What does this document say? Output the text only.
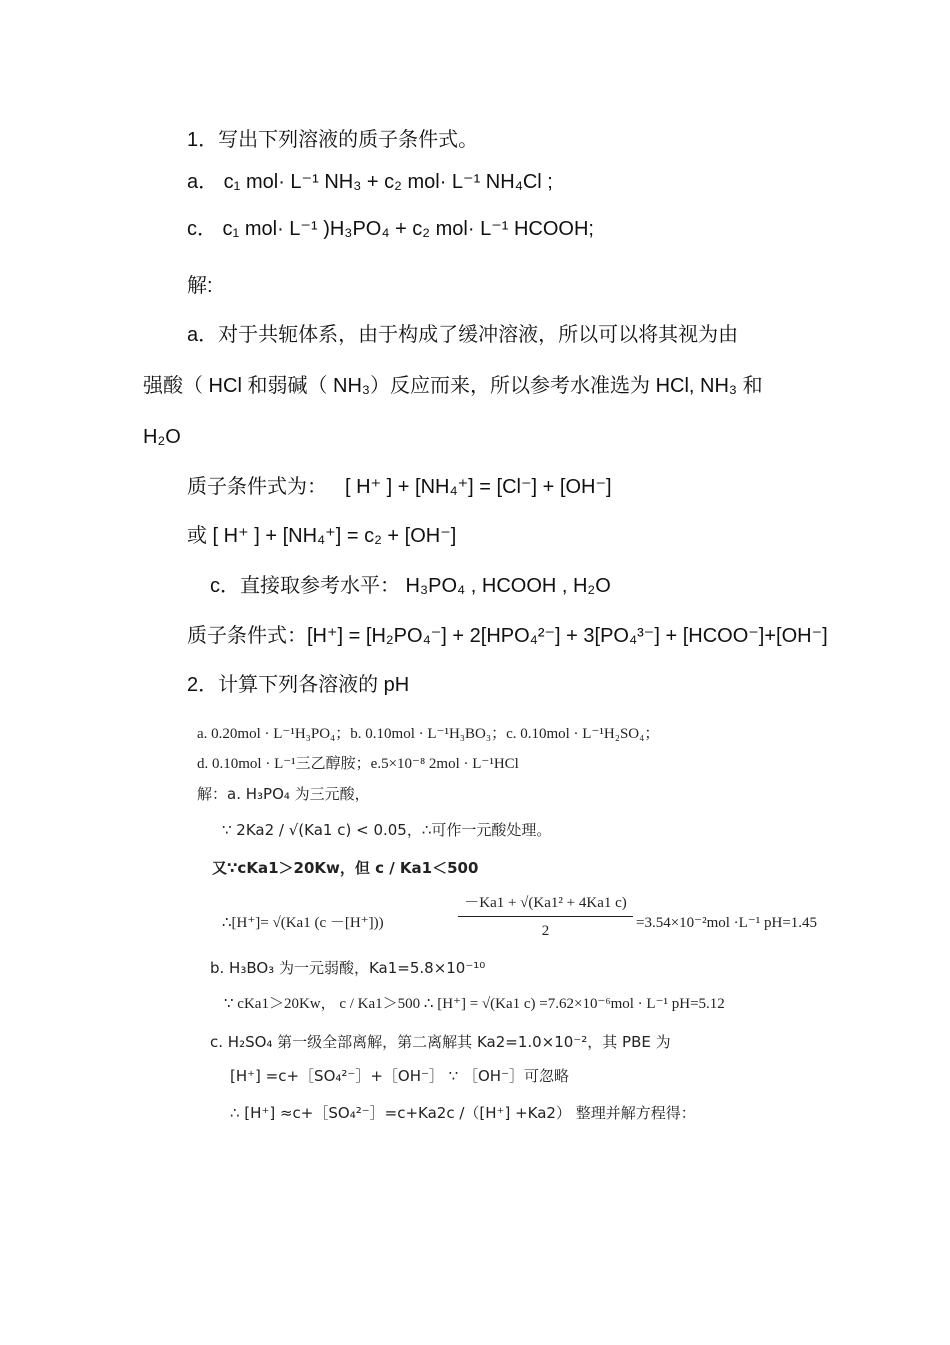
1．写出下列溶液的质子条件式。
a． c₁ mol· L⁻¹ NH₃ + c₂ mol· L⁻¹ NH₄Cl ;
c． c₁ mol· L⁻¹ )H₃PO₄ + c₂ mol· L⁻¹ HCOOH;
解:
a．对于共轭体系，由于构成了缓冲溶液，所以可以将其视为由
强酸（ HCl 和弱碱（ NH₃）反应而来，所以参考水准选为 HCl, NH₃ 和
H₂O
质子条件式为： [ H⁺ ] + [NH₄⁺] = [Cl⁻] + [OH⁻]
或 [ H⁺ ] + [NH₄⁺] = c₂ + [OH⁻]
c．直接取参考水平： H₃PO₄ , HCOOH , H₂O
质子条件式：[H⁺] = [H₂PO₄⁻] + 2[HPO₄²⁻] + 3[PO₄³⁻] + [HCOO⁻]+[OH⁻]
2．计算下列各溶液的 pH
a. 0.20mol · L⁻¹H₃PO₄；b. 0.10mol · L⁻¹H₃BO₃；c. 0.10mol · L⁻¹H₂SO₄；
d. 0.10mol · L⁻¹三乙醇胺；e.5×10⁻⁸ 2mol · L⁻¹HCl
解：a. H₃PO₄ 为三元酸，
∵ 2Ka2 / √(Ka1 c) < 0.05，∴可作一元酸处理。
又∵cKa1＞20Kw，但 c / Ka1＜500
∴[H⁺]= √(Ka1 (c －[H⁺]))	$\frac{\text{－Ka1 + √(Ka1² + 4Ka1 c)}}{2} =3.54\times 10^{-2}mol \cdot L^{-1}$ pH=1.45
b. H₃BO₃ 为一元弱酸，Ka1=5.8×10⁻¹⁰
∵ cKa1＞20Kw， c / Ka1＞500 ∴ [H⁺] = √(Ka1 c) =7.62×10⁻⁶mol · L⁻¹ pH=5.12
c. H₂SO₄ 第一级全部离解，第二离解其 Ka2=1.0×10⁻²，其 PBE 为
[H⁺] =c+［SO₄²⁻］+［OH⁻］ ∵ ［OH⁻］可忽略
∴ [H⁺] ≈c+［SO₄²⁻］=c+Ka2c /（[H⁺] +Ka2） 整理并解方程得：
